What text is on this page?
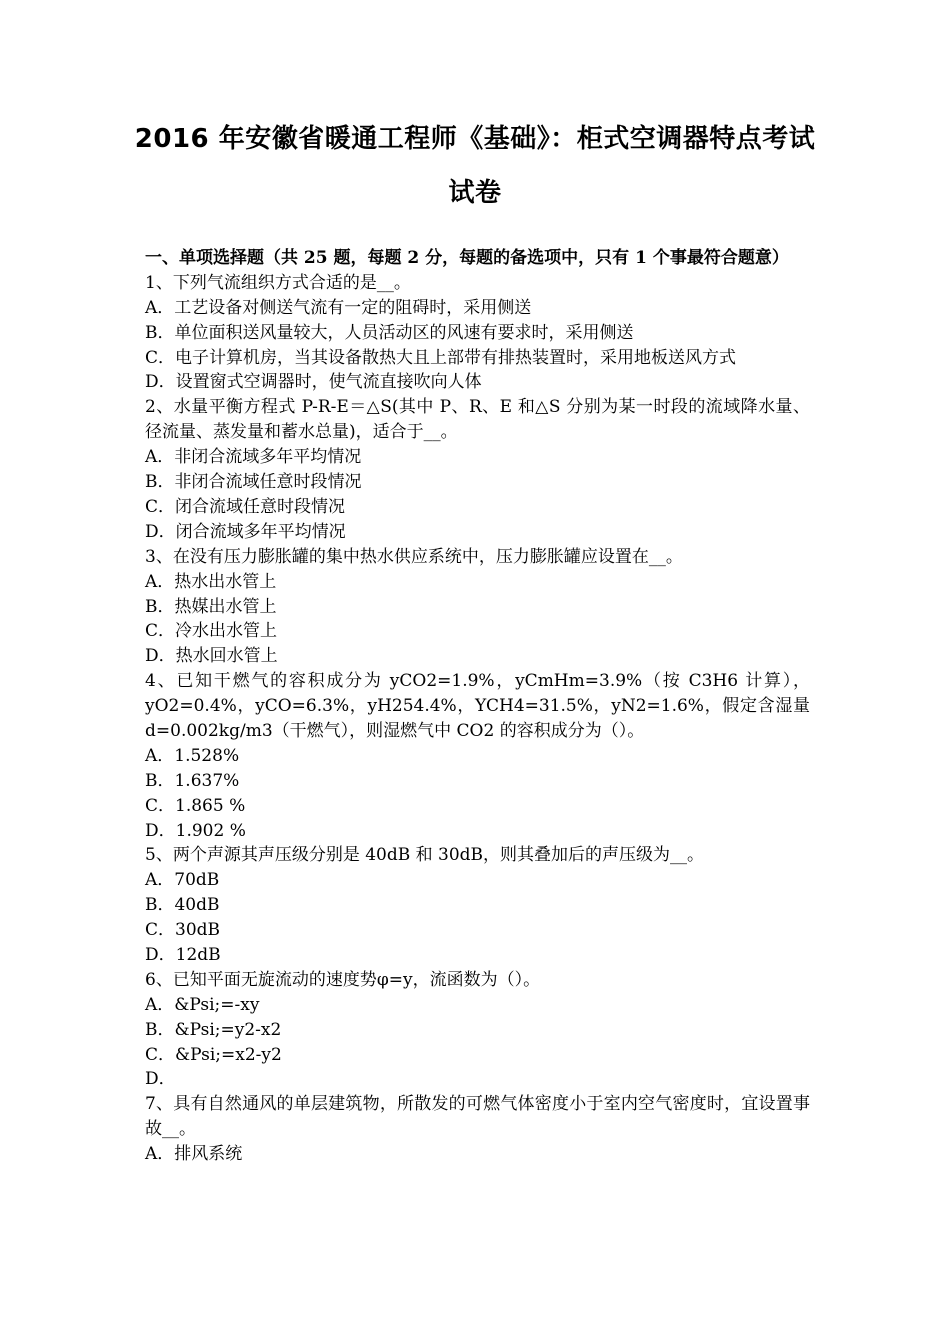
2016 年安徽省暖通工程师《基础》：柜式空调器特点考试
试卷
一、单项选择题（共 25 题，每题 2 分，每题的备选项中，只有 1 个事最符合题意）
1、下列气流组织方式合适的是__。
A．工艺设备对侧送气流有一定的阻碍时，采用侧送
B．单位面积送风量较大，人员活动区的风速有要求时，采用侧送
C．电子计算机房，当其设备散热大且上部带有排热装置时，采用地板送风方式
D．设置窗式空调器时，使气流直接吹向人体
2、水量平衡方程式 P-R-E＝△S(其中 P、R、E 和△S 分别为某一时段的流域降水量、径流量、蒸发量和蓄水总量)，适合于__。
A．非闭合流域多年平均情况
B．非闭合流域任意时段情况
C．闭合流域任意时段情况
D．闭合流域多年平均情况
3、在没有压力膨胀罐的集中热水供应系统中，压力膨胀罐应设置在__。
A．热水出水管上
B．热媒出水管上
C．冷水出水管上
D．热水回水管上
4、已知干燃气的容积成分为 yCO2=1.9%，yCmHm=3.9%（按 C3H6 计算），yO2=0.4%，yCO=6.3%，yH254.4%，YCH4=31.5%，yN2=1.6%，假定含湿量 d=0.002kg/m3（干燃气），则湿燃气中 CO2 的容积成分为（）。
A．1.528%
B．1.637%
C．1.865 %
D．1.902 %
5、两个声源其声压级分别是 40dB 和 30dB，则其叠加后的声压级为__。
A．70dB
B．40dB
C．30dB
D．12dB
6、已知平面无旋流动的速度势φ=y，流函数为（）。
A．&Psi;=-xy
B．&Psi;=y2-x2
C．&Psi;=x2-y2
D．
7、具有自然通风的单层建筑物，所散发的可燃气体密度小于室内空气密度时，宜设置事故__。
A．排风系统
